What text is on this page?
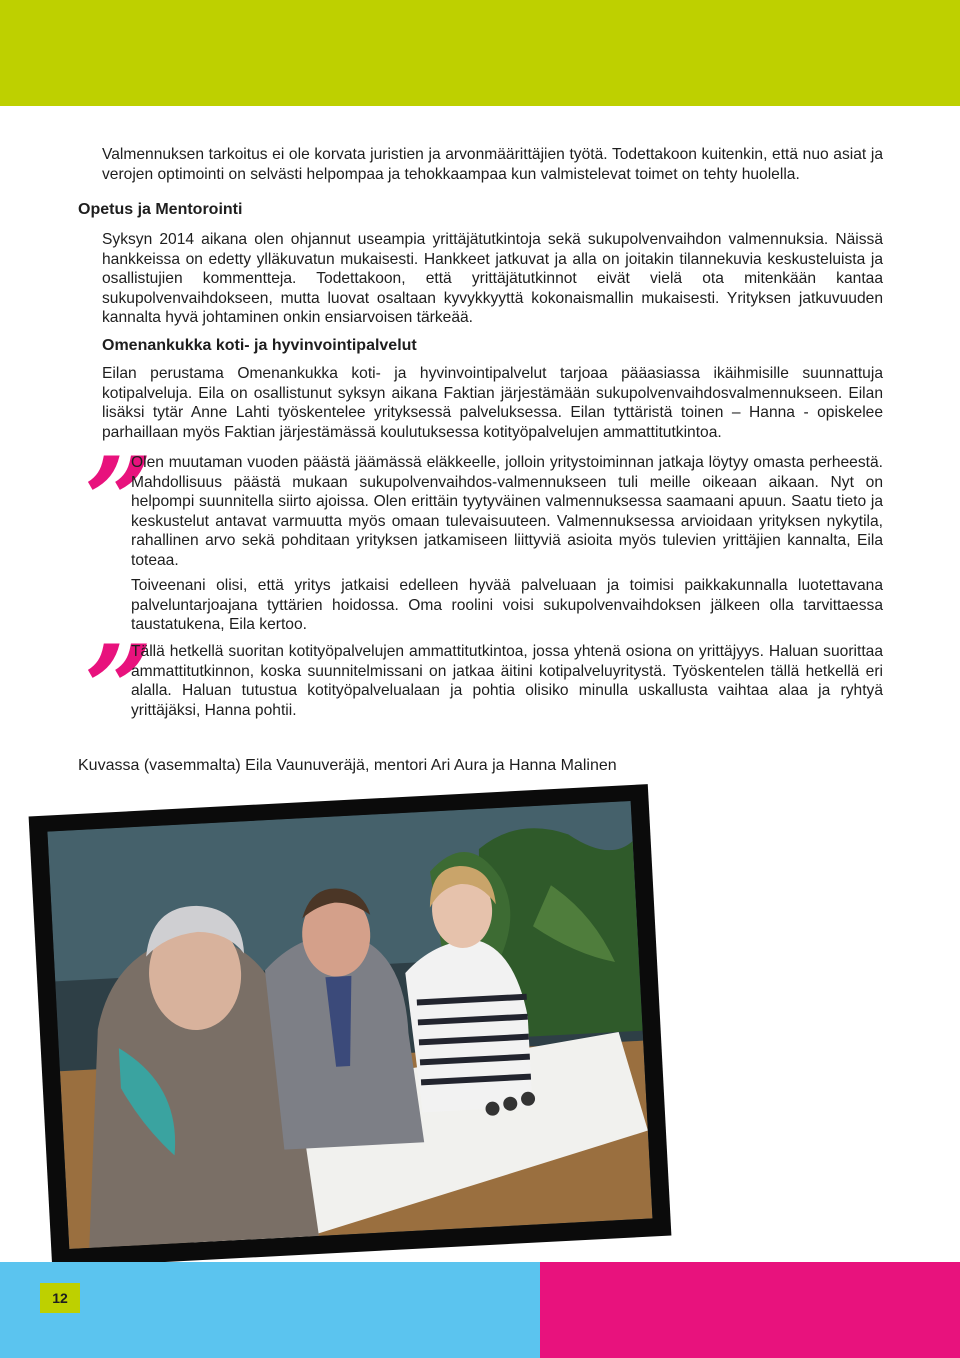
Valmennuksen tarkoitus ei ole korvata juristien ja arvonmäärittäjien työtä. Todettakoon kuitenkin, että nuo asiat ja verojen optimointi on selvästi helpompaa ja tehokkaampaa kun valmistelevat toimet on tehty huolella.
Opetus ja Mentorointi
Syksyn 2014 aikana olen ohjannut useampia yrittäjätutkintoja sekä sukupolvenvaihdon valmennuksia. Näissä hankkeissa on edetty ylläkuvatun mukaisesti. Hankkeet jatkuvat ja alla on joitakin tilannekuvia keskusteluista ja osallistujien kommentteja. Todettakoon, että yrittäjätutkinnot eivät vielä ota mitenkään kantaa sukupolvenvaihdokseen, mutta luovat osaltaan kyvykkyyttä kokonaismallin mukaisesti. Yrityksen jatkuvuuden kannalta hyvä johtaminen onkin ensiarvoisen tärkeää.
Omenankukka koti- ja hyvinvointipalvelut
Eilan perustama Omenankukka koti- ja hyvinvointipalvelut tarjoaa pääasiassa ikäihmisille suunnattuja kotipalveluja. Eila on osallistunut syksyn aikana Faktian järjestämään sukupolvenvaihdosvalmennukseen. Eilan lisäksi tytär Anne Lahti työskentelee yrityksessä palveluksessa. Eilan tyttäristä toinen – Hanna - opiskelee parhaillaan myös Faktian järjestämässä koulutuksessa kotityöpalvelujen ammattitutkintoa.
”
Olen muutaman vuoden päästä jäämässä eläkkeelle, jolloin yritystoiminnan jatkaja löytyy omasta perheestä. Mahdollisuus päästä mukaan sukupolvenvaihdos-valmennukseen tuli meille oikeaan aikaan. Nyt on helpompi suunnitella siirto ajoissa. Olen erittäin tyytyväinen valmennuksessa saamaani apuun. Saatu tieto ja keskustelut antavat varmuutta myös omaan tulevaisuuteen. Valmennuksessa arvioidaan yrityksen nykytila, rahallinen arvo sekä pohditaan yrityksen jatkamiseen liittyviä asioita myös tulevien yrittäjien kannalta, Eila toteaa.
Toiveenani olisi, että yritys jatkaisi edelleen hyvää palveluaan ja toimisi paikkakunnalla luotettavana palveluntarjoajana tyttärien hoidossa. Oma roolini voisi sukupolvenvaihdoksen jälkeen olla tarvittaessa taustatukena, Eila kertoo.
”
Tällä hetkellä suoritan kotityöpalvelujen ammattitutkintoa, jossa yhtenä osiona on yrittäjyys. Haluan suorittaa ammattitutkinnon, koska suunnitelmissani on jatkaa äitini kotipalveluyritystä. Työskentelen tällä hetkellä eri alalla. Haluan tutustua kotityöpalvelualaan ja pohtia olisiko minulla uskallusta vaihtaa alaa ja ryhtyä yrittäjäksi, Hanna pohtii.
Kuvassa (vasemmalta) Eila Vaunuveräjä, mentori Ari Aura ja Hanna Malinen
12
